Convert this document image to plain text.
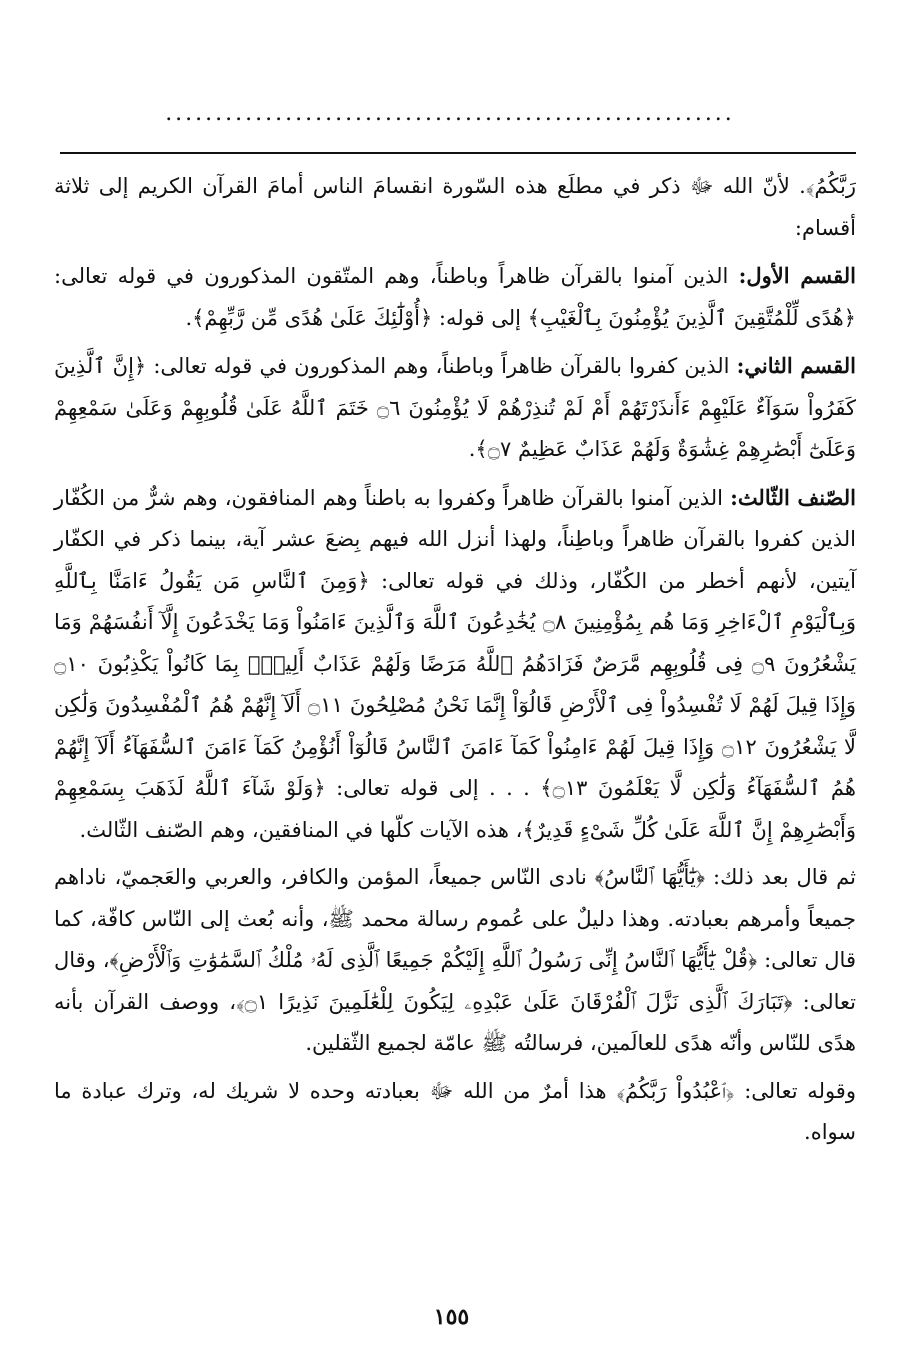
.........................................................

رَبَّكُمُ﴾. لأنّ الله ﷻ ذكر في مطلَع هذه السّورة انقسامَ الناس أمامَ القرآن الكريم إلى ثلاثة أقسام:

القسم الأول: الذين آمنوا بالقرآن ظاهراً وباطناً، وهم المتّقون المذكورون في قوله تعالى: ﴿هُدًى لِّلْمُتَّقِينَ ٱلَّذِينَ يُؤْمِنُونَ بِٱلْغَيْبِ﴾ إلى قوله: ﴿أُوْلَٰٓئِكَ عَلَىٰ هُدًى مِّن رَّبِّهِمْ﴾.

القسم الثاني: الذين كفروا بالقرآن ظاهراً وباطناً، وهم المذكورون في قوله تعالى: ﴿إِنَّ ٱلَّذِينَ كَفَرُواْ سَوَآءٌ عَلَيْهِمْ ءَأَنذَرْتَهُمْ أَمْ لَمْ تُنذِرْهُمْ لَا يُؤْمِنُونَ ۝٦ خَتَمَ ٱللَّهُ عَلَىٰ قُلُوبِهِمْ وَعَلَىٰ سَمْعِهِمْ وَعَلَىٰٓ أَبْصَٰرِهِمْ غِشَٰوَةٌ وَلَهُمْ عَذَابٌ عَظِيمٌ ۝٧﴾.

الصّنف الثّالث: الذين آمنوا بالقرآن ظاهراً وكفروا به باطناً وهم المنافقون، وهم شرٌّ من الكُفّار الذين كفروا بالقرآن ظاهراً وباطِناً، ولهذا أنزل الله فيهم بِضعَ عشر آية، بينما ذكر في الكفّار آيتين، لأنهم أخطر من الكُفّار، وذلك في قوله تعالى: ﴿وَمِنَ ٱلنَّاسِ مَن يَقُولُ ءَامَنَّا بِٱللَّهِ وَبِٱلْيَوْمِ ٱلْءَاخِرِ وَمَا هُم بِمُؤْمِنِينَ ۝٨ يُخَٰدِعُونَ ٱللَّهَ وَٱلَّذِينَ ءَامَنُواْ وَمَا يَخْدَعُونَ إِلَّآ أَنفُسَهُمْ وَمَا يَشْعُرُونَ ۝٩ فِى قُلُوبِهِم مَّرَضٌ فَزَادَهُمُ ٱللَّهُ مَرَضًا وَلَهُمْ عَذَابٌ أَلِيمٌۢ بِمَا كَانُواْ يَكْذِبُونَ ۝١٠ وَإِذَا قِيلَ لَهُمْ لَا تُفْسِدُواْ فِى ٱلْأَرْضِ قَالُوٓاْ إِنَّمَا نَحْنُ مُصْلِحُونَ ۝١١ أَلَآ إِنَّهُمْ هُمُ ٱلْمُفْسِدُونَ وَلَٰكِن لَّا يَشْعُرُونَ ۝١٢ وَإِذَا قِيلَ لَهُمْ ءَامِنُواْ كَمَآ ءَامَنَ ٱلنَّاسُ قَالُوٓاْ أَنُؤْمِنُ كَمَآ ءَامَنَ ٱلسُّفَهَآءُ أَلَآ إِنَّهُمْ هُمُ ٱلسُّفَهَآءُ وَلَٰكِن لَّا يَعْلَمُونَ ۝١٣﴾ . . . إلى قوله تعالى: ﴿وَلَوْ شَآءَ ٱللَّهُ لَذَهَبَ بِسَمْعِهِمْ وَأَبْصَٰرِهِمْ إِنَّ ٱللَّهَ عَلَىٰ كُلِّ شَىْءٍ قَدِيرٌ﴾، هذه الآيات كلّها في المنافقين، وهم الصّنف الثّالث.

ثم قال بعد ذلك: ﴿يَٰٓأَيُّهَا ٱلنَّاسُ﴾ نادى النّاس جميعاً، المؤمن والكافر، والعربي والعَجميّ، ناداهم جميعاً وأمرهم بعبادته. وهذا دليلٌ على عُموم رسالة محمد ﷺ، وأنه بُعث إلى النّاس كافّة، كما قال تعالى: ﴿قُلْ يَٰٓأَيُّهَا ٱلنَّاسُ إِنِّى رَسُولُ ٱللَّهِ إِلَيْكُمْ جَمِيعًا ٱلَّذِى لَهُۥ مُلْكُ ٱلسَّمَٰوَٰتِ وَٱلْأَرْضِ﴾، وقال تعالى: ﴿تَبَارَكَ ٱلَّذِى نَزَّلَ ٱلْفُرْقَانَ عَلَىٰ عَبْدِهِۦ لِيَكُونَ لِلْعَٰلَمِينَ نَذِيرًا ۝١﴾، ووصف القرآن بأنه هدًى للنّاس وأنّه هدًى للعالَمين، فرسالتُه ﷺ عامّة لجميع الثّقلين.

وقوله تعالى: ﴿ٱعْبُدُواْ رَبَّكُمُ﴾ هذا أمرٌ من الله ﷻ بعبادته وحده لا شريك له، وترك عبادة ما سواه.

١٥٥
